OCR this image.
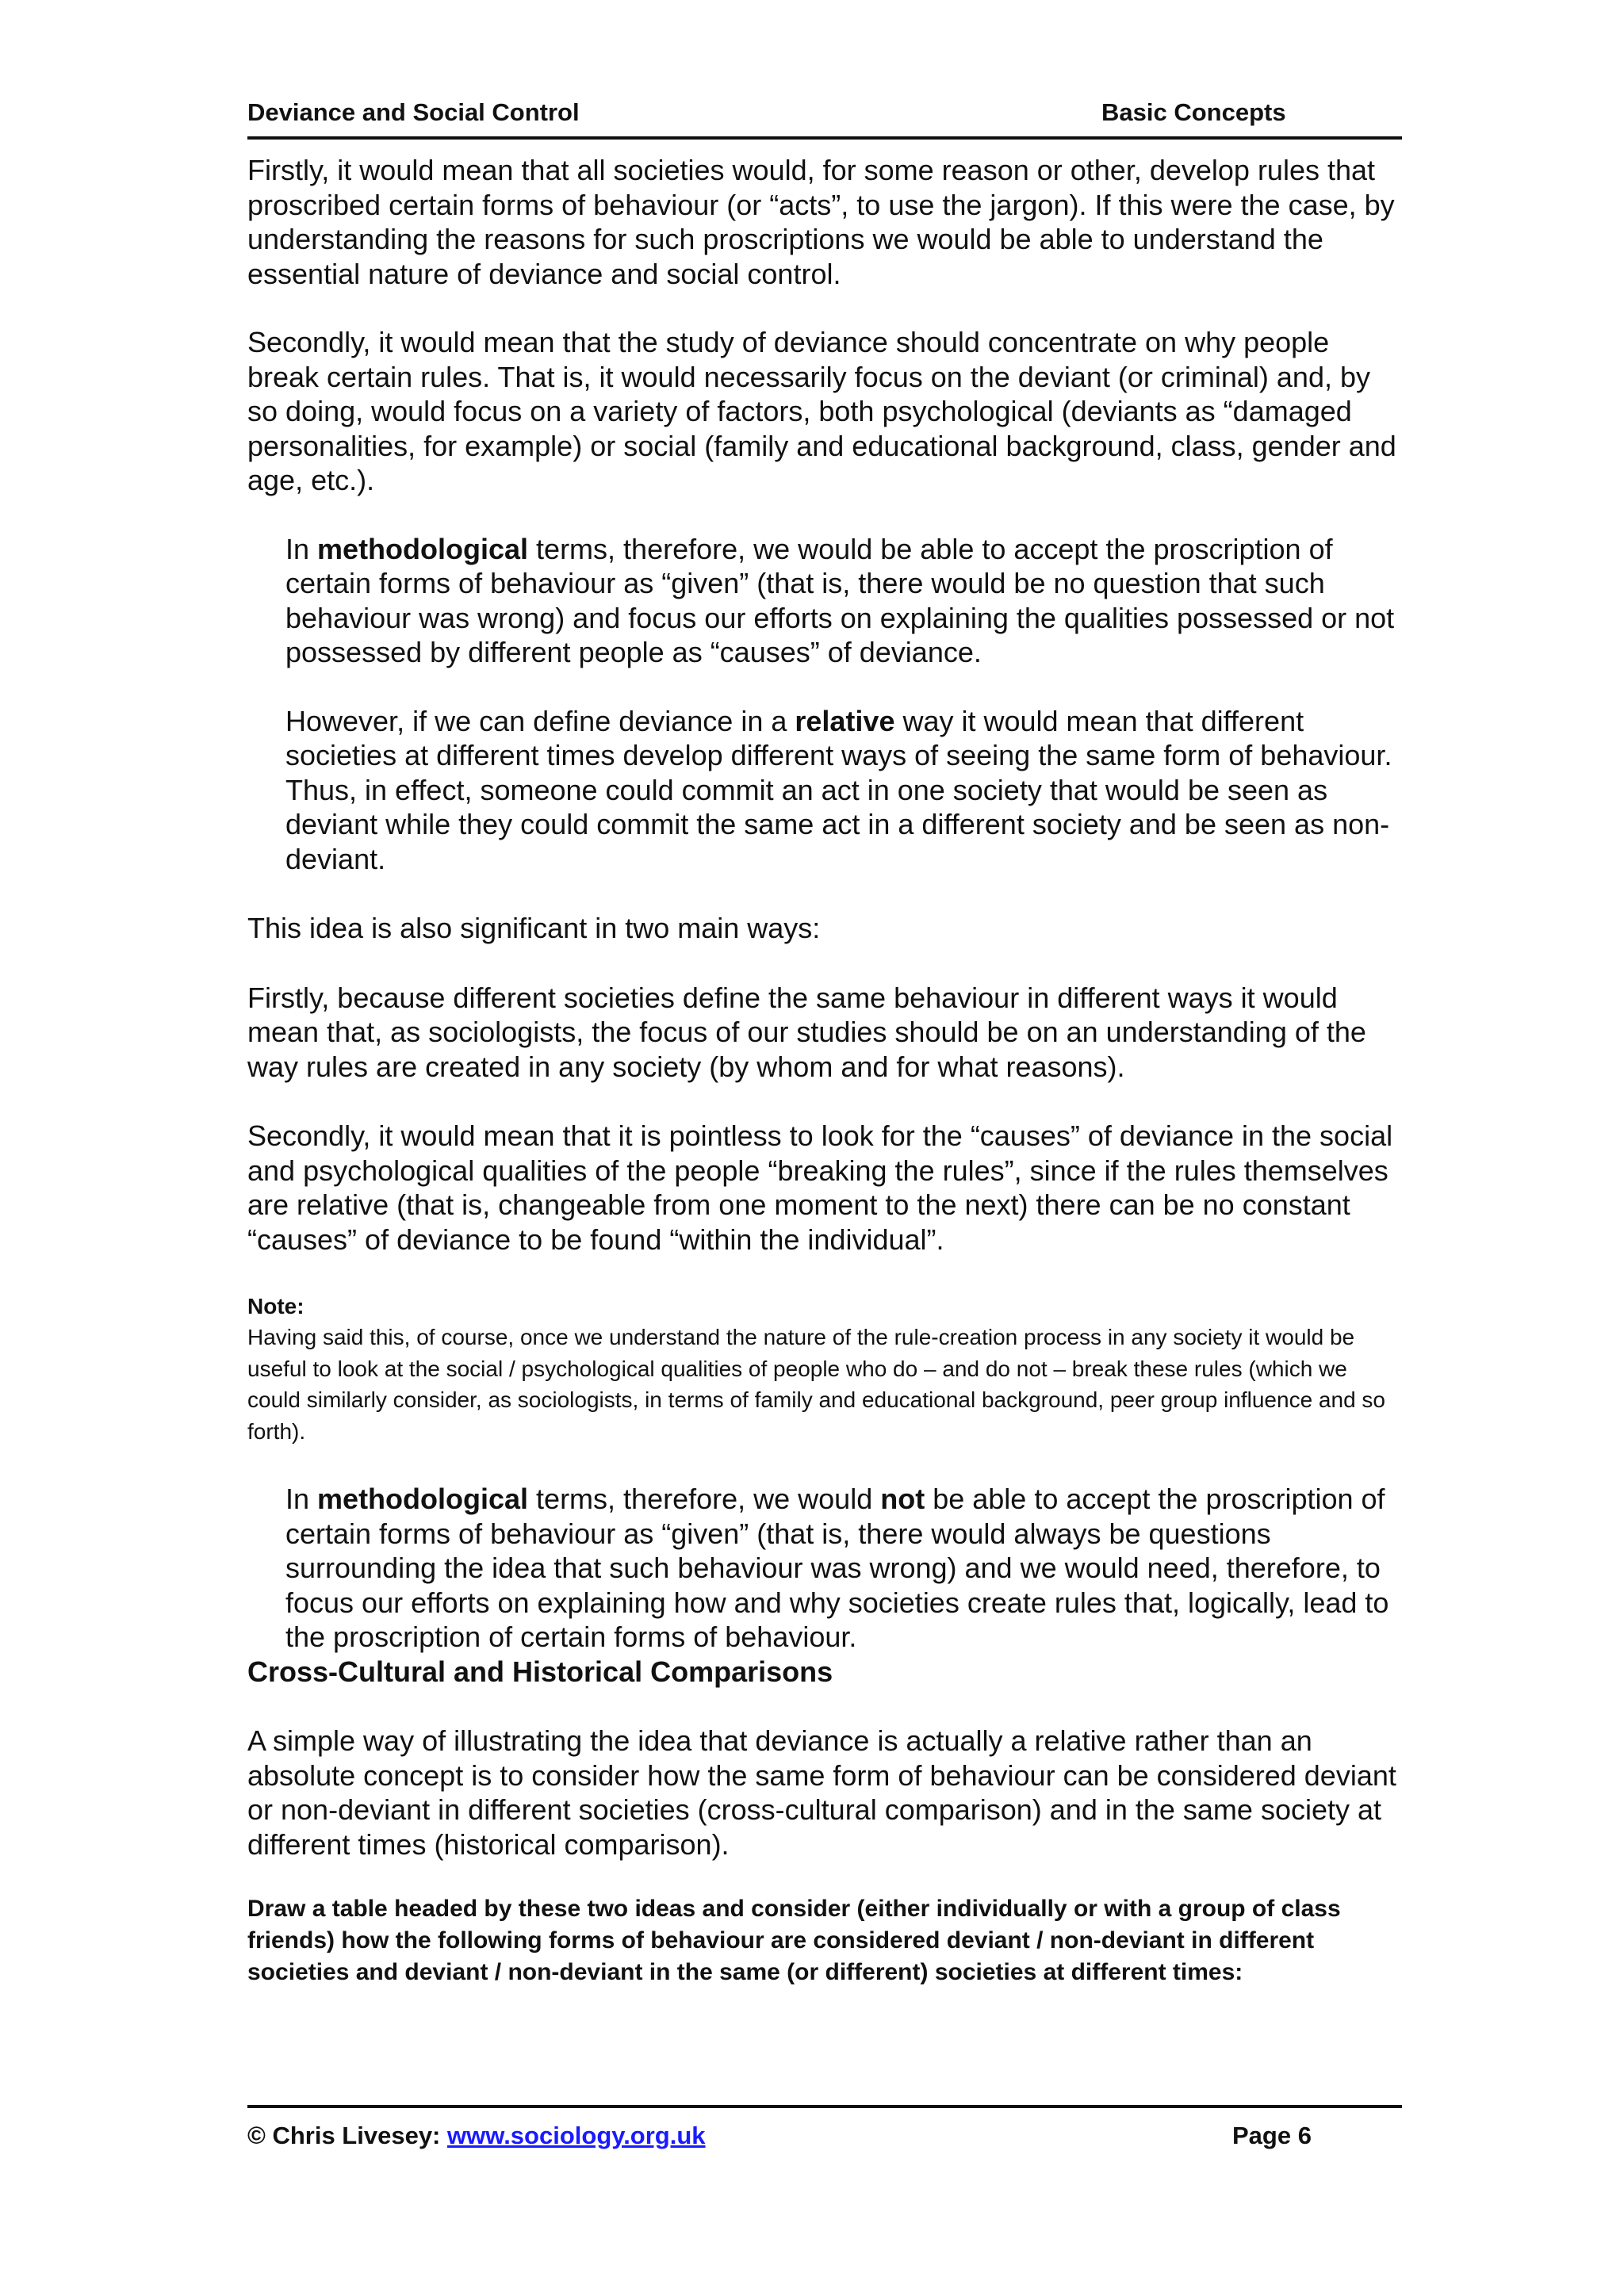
Deviance and Social Control	Basic Concepts

Firstly, it would mean that all societies would, for some reason or other, develop rules that proscribed certain forms of behaviour (or “acts”, to use the jargon). If this were the case, by understanding the reasons for such proscriptions we would be able to understand the essential nature of deviance and social control.

Secondly, it would mean that the study of deviance should concentrate on why people break certain rules. That is, it would necessarily focus on the deviant (or criminal) and, by so doing, would focus on a variety of factors, both psychological (deviants as “damaged personalities, for example) or social (family and educational background, class, gender and age, etc.).

In methodological terms, therefore, we would be able to accept the proscription of certain forms of behaviour as “given” (that is, there would be no question that such behaviour was wrong) and focus our efforts on explaining the qualities possessed or not possessed by different people as “causes” of deviance.

However, if we can define deviance in a relative way it would mean that different societies at different times develop different ways of seeing the same form of behaviour. Thus, in effect, someone could commit an act in one society that would be seen as deviant while they could commit the same act in a different society and be seen as non-deviant.

This idea is also significant in two main ways:

Firstly, because different societies define the same behaviour in different ways it would mean that, as sociologists, the focus of our studies should be on an understanding of the way rules are created in any society (by whom and for what reasons).

Secondly, it would mean that it is pointless to look for the “causes” of deviance in the social and psychological qualities of the people “breaking the rules”, since if the rules themselves are relative (that is, changeable from one moment to the next) there can be no constant “causes” of deviance to be found “within the individual”.

Note:
Having said this, of course, once we understand the nature of the rule-creation process in any society it would be useful to look at the social / psychological qualities of people who do – and do not – break these rules (which we could similarly consider, as sociologists, in terms of family and educational background, peer group influence and so forth).

In methodological terms, therefore, we would not be able to accept the proscription of certain forms of behaviour as “given” (that is, there would always be questions surrounding the idea that such behaviour was wrong) and we would need, therefore, to focus our efforts on explaining how and why societies create rules that, logically, lead to the proscription of certain forms of behaviour.

Cross-Cultural and Historical Comparisons

A simple way of illustrating the idea that deviance is actually a relative rather than an absolute concept is to consider how the same form of behaviour can be considered deviant or non-deviant in different societies (cross-cultural comparison) and in the same society at different times (historical comparison).

Draw a table headed by these two ideas and consider (either individually or with a group of class friends) how the following forms of behaviour are considered deviant / non-deviant in different societies and deviant / non-deviant in the same (or different) societies at different times:
© Chris Livesey: www.sociology.org.uk	Page 6
